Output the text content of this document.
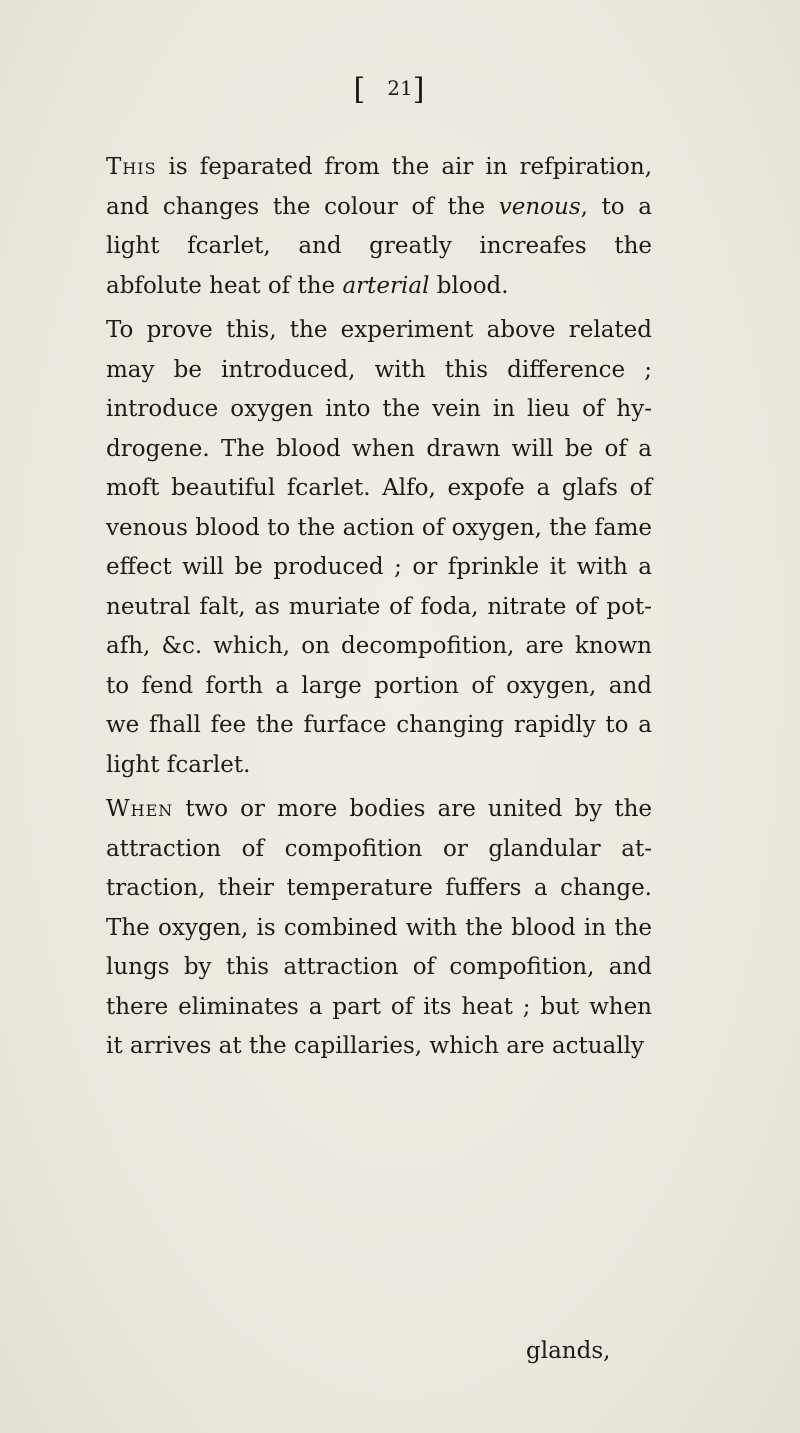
[21]

This is feparated from the air in refpiration, and changes the colour of the venous, to a light fcarlet, and greatly increafes the abfolute heat of the arterial blood.

To prove this, the experiment above related may be introduced, with this difference ; introduce oxygen into the vein in lieu of hydrogene. The blood when drawn will be of a moft beautiful fcarlet. Alfo, expofe a glafs of venous blood to the action of oxygen, the fame effect will be produced ; or fprinkle it with a neutral falt, as muriate of foda, nitrate of potafh, &c. which, on decompofition, are known to fend forth a large portion of oxygen, and we fhall fee the furface changing rapidly to a light fcarlet.

When two or more bodies are united by the attraction of compofition or glandular attraction, their temperature fuffers a change. The oxygen, is combined with the blood in the lungs by this attraction of compofition, and there eliminates a part of its heat ; but when it arrives at the capillaries, which are actually

glands,
